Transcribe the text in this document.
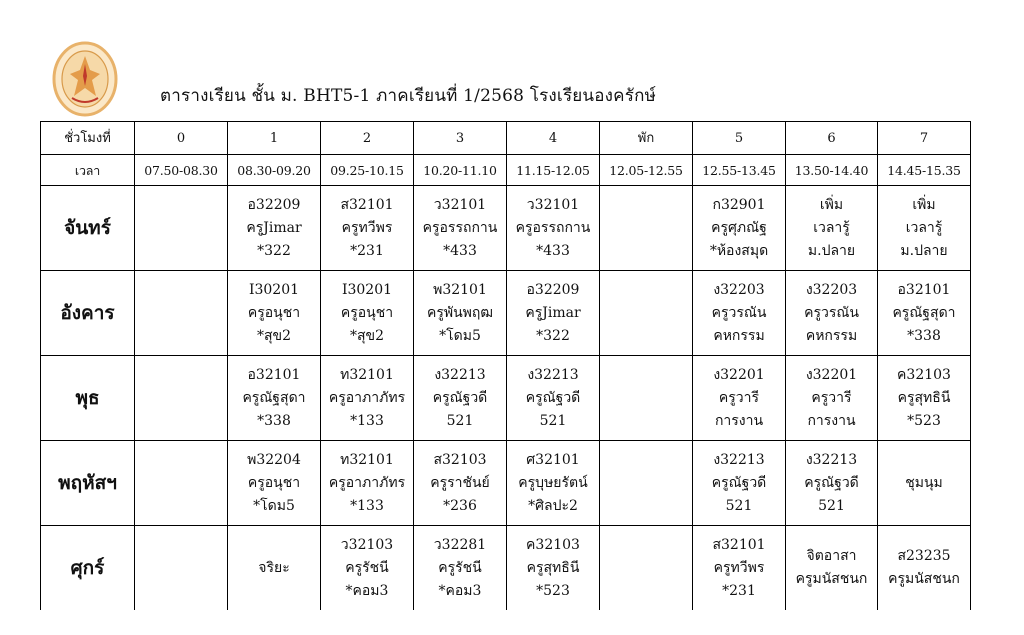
ตารางเรียน ชั้น ม. BHT5-1 ภาคเรียนที่ 1/2568 โรงเรียนองครักษ์
ชั่วโมงที่	0	1	2	3	4	พัก	5	6	7
เวลา	07.50-08.30	08.30-09.20	09.25-10.15	10.20-11.10	11.15-12.05	12.05-12.55	12.55-13.45	13.50-14.40	14.45-15.35
จันทร์		อ32209
ครูJimar
*322	ส32101
ครูทวีพร
*231	ว32101
ครูอรรถกาน
*433	ว32101
ครูอรรถกาน
*433		ก32901
ครูศุภณัฐ
*ห้องสมุด	เพิ่ม
เวลารู้
ม.ปลาย	เพิ่ม
เวลารู้
ม.ปลาย

อังคาร		I30201
ครูอนุชา
*สุข2	I30201
ครูอนุชา
*สุข2	พ32101
ครูพันพฤฒ
*โดม5	อ32209
ครูJimar
*322		ง32203
ครูวรณัน
คหกรรม	ง32203
ครูวรณัน
คหกรรม	อ32101
ครูณัฐสุดา
*338

พุธ		อ32101
ครูณัฐสุดา
*338	ท32101
ครูอาภาภัทร
*133	ง32213
ครูณัฐวดี
521	ง32213
ครูณัฐวดี
521		ง32201
ครูวารี
การงาน	ง32201
ครูวารี
การงาน	ค32103
ครูสุทธินี
*523

พฤหัสฯ		พ32204
ครูอนุชา
*โดม5	ท32101
ครูอาภาภัทร
*133	ส32103
ครูราชันย์
*236	ศ32101
ครูบุษยรัตน์
*ศิลปะ2		ง32213
ครูณัฐวดี
521	ง32213
ครูณัฐวดี
521	ชุมนุม

ศุกร์		จริยะ	ว32103
ครูรัชนี
*คอม3	ว32281
ครูรัชนี
*คอม3	ค32103
ครูสุทธินี
*523		ส32101
ครูทวีพร
*231	จิตอาสา
ครูมนัสชนก	ส23235
ครูมนัสชนก
